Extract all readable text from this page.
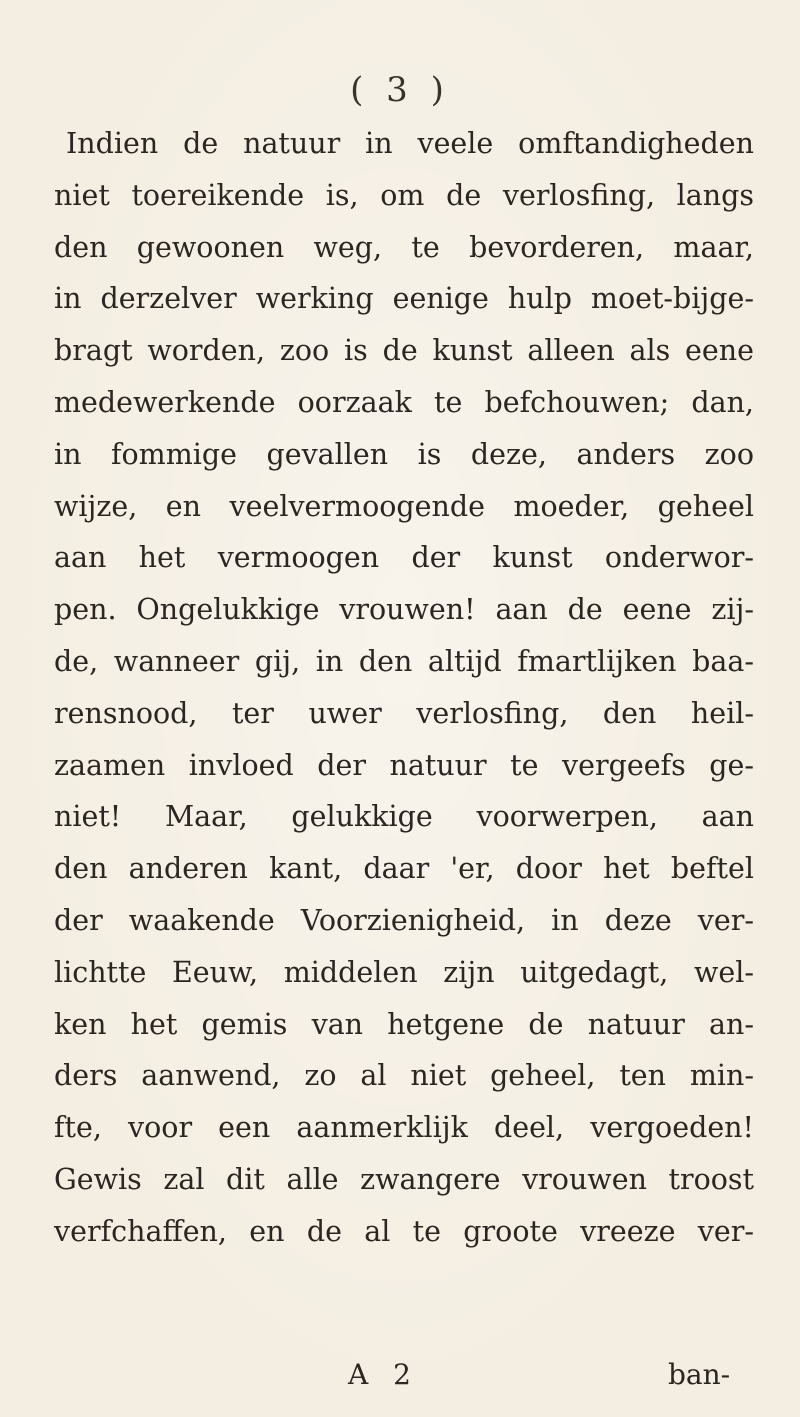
( 3 )
Indien de natuur in veele omftandigheden
niet toereikende is, om de verlosfing, langs
den gewoonen weg, te bevorderen, maar,
in derzelver werking eenige hulp moet-bijge-
bragt worden, zoo is de kunst alleen als eene
medewerkende oorzaak te befchouwen; dan,
in fommige gevallen is deze, anders zoo
wijze, en veelvermoogende moeder, geheel
aan het vermoogen der kunst onderwor-
pen. Ongelukkige vrouwen! aan de eene zij-
de, wanneer gij, in den altijd fmartlijken baa-
rensnood, ter uwer verlosfing, den heil-
zaamen invloed der natuur te vergeefs ge-
niet! Maar, gelukkige voorwerpen, aan
den anderen kant, daar 'er, door het beftel
der waakende Voorzienigheid, in deze ver-
lichtte Eeuw, middelen zijn uitgedagt, wel-
ken het gemis van hetgene de natuur an-
ders aanwend, zo al niet geheel, ten min-
fte, voor een aanmerklijk deel, vergoeden!
Gewis zal dit alle zwangere vrouwen troost
verfchaffen, en de al te groote vreeze ver-
A 2	ban-
